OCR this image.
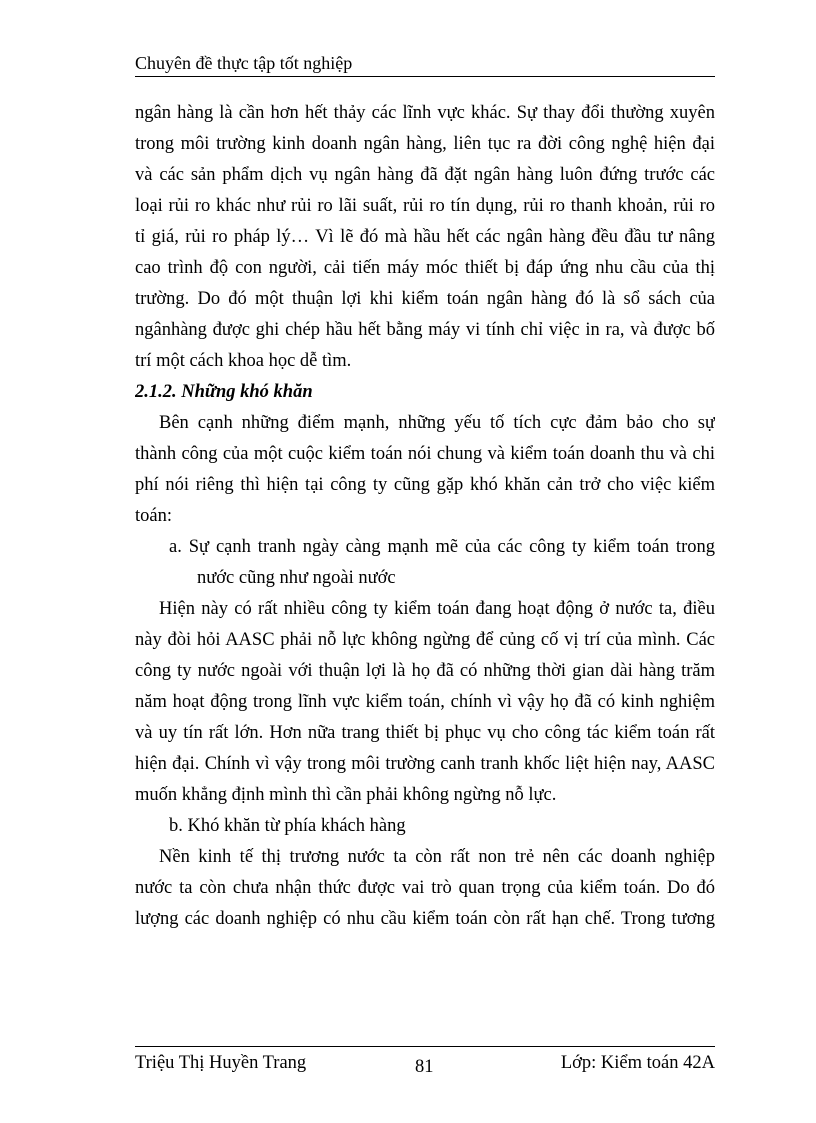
Chuyên đề thực tập tốt nghiệp
ngân hàng là cần hơn hết thảy các lĩnh vực khác. Sự thay đổi thường xuyên
trong môi trường kinh doanh ngân hàng, liên tục ra đời công nghệ hiện đại
và các sản phẩm dịch vụ ngân hàng đã đặt ngân hàng luôn đứng trước các
loại rủi ro khác như rủi ro lãi suất, rủi ro tín dụng, rủi ro thanh khoản, rủi ro
tỉ giá, rủi ro pháp lý… Vì lẽ đó mà hầu hết các ngân hàng đều đầu tư nâng
cao trình độ con người, cải tiến máy móc thiết bị đáp ứng nhu cầu của thị
trường. Do đó một thuận lợi khi kiểm toán ngân hàng đó là sổ sách của
ngânhàng được ghi chép hầu hết bằng máy vi tính chỉ việc in ra, và được bố
trí một cách khoa học dễ tìm.
2.1.2. Những khó khăn
Bên cạnh những điểm mạnh, những yếu tố tích cực đảm bảo cho sự
thành công của một cuộc kiểm toán nói chung và kiểm toán doanh thu và chi
phí nói riêng thì hiện tại công ty cũng gặp khó khăn cản trở cho việc kiểm
toán:
a. Sự cạnh tranh ngày càng mạnh mẽ của các công ty kiểm toán trong
nước cũng như ngoài nước
Hiện này có rất nhiều công ty kiểm toán đang hoạt động ở nước ta, điều
này đòi hỏi AASC phải nỗ lực không ngừng để củng cố vị trí của mình. Các
công ty nước ngoài với thuận lợi là họ đã có những thời gian dài hàng trăm
năm hoạt động trong lĩnh vực kiểm toán, chính vì vậy họ đã có kinh nghiệm
và uy tín rất lớn. Hơn nữa trang thiết bị phục vụ cho công tác kiểm toán rất
hiện đại. Chính vì vậy trong môi trường canh tranh khốc liệt hiện nay, AASC
muốn khẳng định mình thì cần phải không ngừng nỗ lực.
b. Khó khăn từ phía khách hàng
Nền kinh tế thị trương nước ta còn rất non trẻ nên các doanh nghiệp
nước ta còn chưa nhận thức được vai trò quan trọng của kiểm toán. Do đó
lượng các doanh nghiệp có nhu cầu kiểm toán còn rất hạn chế. Trong tương
Triệu Thị Huyền Trang	81	Lớp: Kiểm toán 42A
